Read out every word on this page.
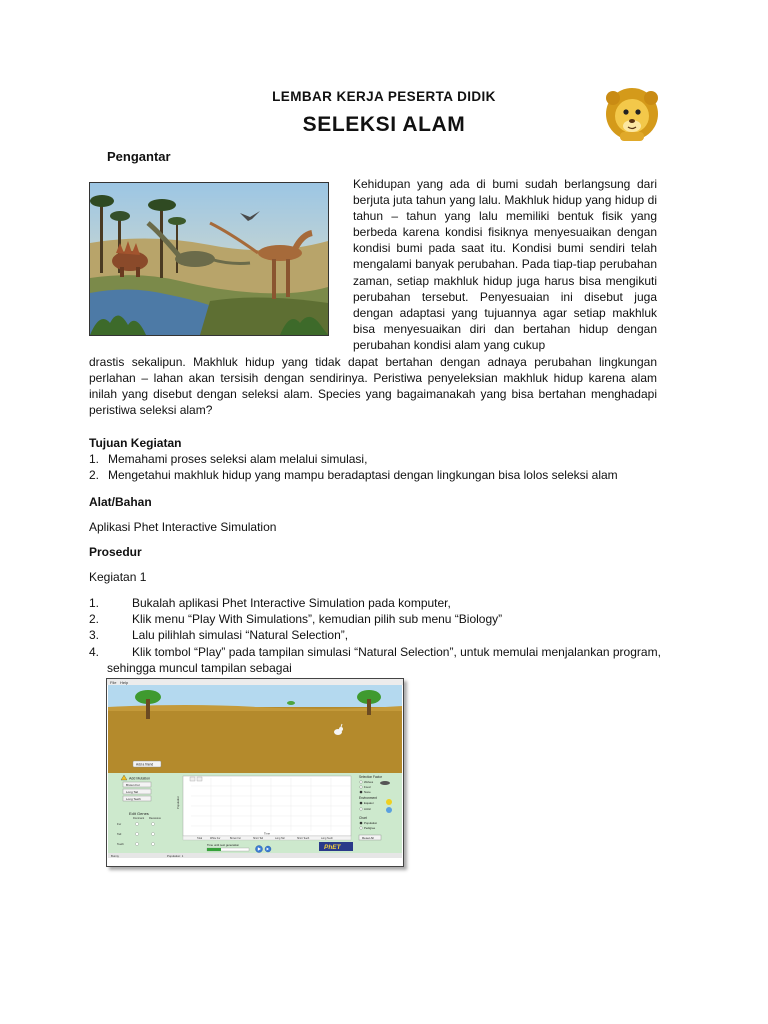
LEMBAR KERJA PESERTA DIDIK
SELEKSI ALAM
Pengantar
Kehidupan yang ada di bumi sudah berlangsung dari berjuta juta tahun yang lalu. Makhluk hidup yang hidup di tahun – tahun yang lalu memiliki bentuk fisik yang berbeda karena kondisi fisiknya menyesuaikan dengan kondisi bumi pada saat itu. Kondisi bumi sendiri telah mengalami banyak perubahan. Pada tiap-tiap perubahan zaman, setiap makhluk hidup juga harus bisa mengikuti perubahan tersebut. Penyesuaian ini disebut juga dengan adaptasi yang tujuannya agar setiap makhluk bisa menyesuaikan diri dan bertahan hidup dengan perubahan kondisi alam yang cukup
drastis sekalipun. Makhluk hidup yang tidak dapat bertahan dengan adnaya perubahan lingkungan perlahan – lahan akan tersisih dengan sendirinya. Peristiwa penyeleksian makhluk hidup karena alam inilah yang disebut dengan seleksi alam. Species yang bagaimanakah yang bisa bertahan menghadapi peristiwa seleksi alam?
Tujuan Kegiatan
1. Memahami proses seleksi alam melalui simulasi,
2. Mengetahui makhluk hidup yang mampu beradaptasi dengan lingkungan bisa lolos seleksi alam
Alat/Bahan
Aplikasi Phet Interactive Simulation
Prosedur
Kegiatan 1
1.	Bukalah aplikasi Phet Interactive Simulation pada komputer,
2.	Klik menu “Play With Simulations”, kemudian pilih sub menu “Biology”
3.	Lalu pilihlah simulasi “Natural Selection”,
4.	Klik tombol “Play” pada tampilan simulasi “Natural Selection”, untuk memulai menjalankan program,
sehingga muncul tampilan sebagai
File Help
Add a friend
Add Mutation
Brown Fur
Long Tail
Long Teeth
Edit Genes
Dominant Recessive
Fur
Tail
Teeth
Population
Time
Total	White Fur	Brown Fur	Short Tail	Long Tail	Short Teeth	Long Teeth
Time until next generation	PhET
Selection Factor
Wolves
Food
None
Environment
Equator
Arctic
Chart
Population
Pedigree
Reset All
Bunny	Population: 1
